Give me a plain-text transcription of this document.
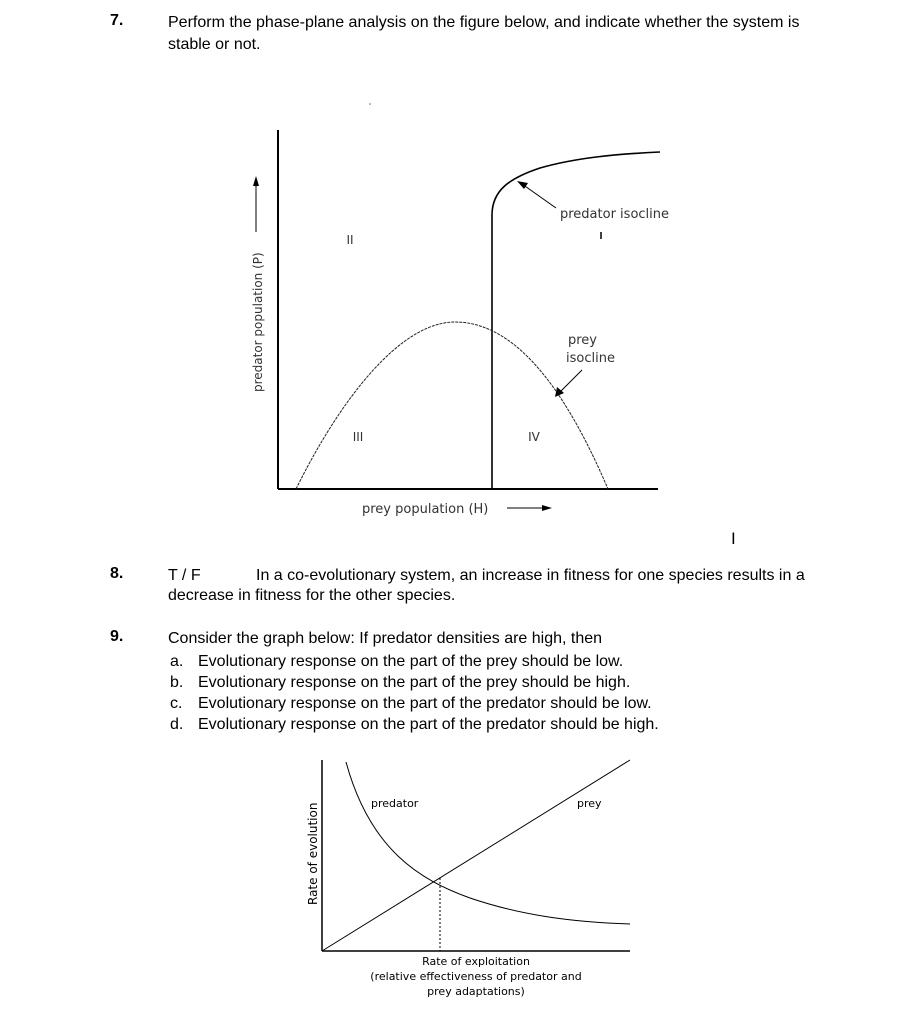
7.	Perform the phase-plane analysis on the figure below, and indicate whether the system is
stable or not.
predator population (P)
prey population (H)
II
III	IV
predator isocline
prey
isocline
I
8.	T / F	In a co-evolutionary system, an increase in fitness for one species results in a
decrease in fitness for the other species.
9.	Consider the graph below: If predator densities are high, then
a. Evolutionary response on the part of the prey should be low.
b. Evolutionary response on the part of the prey should be high.
c. Evolutionary response on the part of the predator should be low.
d. Evolutionary response on the part of the predator should be high.
Rate of evolution	predator	prey
Rate of exploitation
(relative effectiveness of predator and
prey adaptations)
